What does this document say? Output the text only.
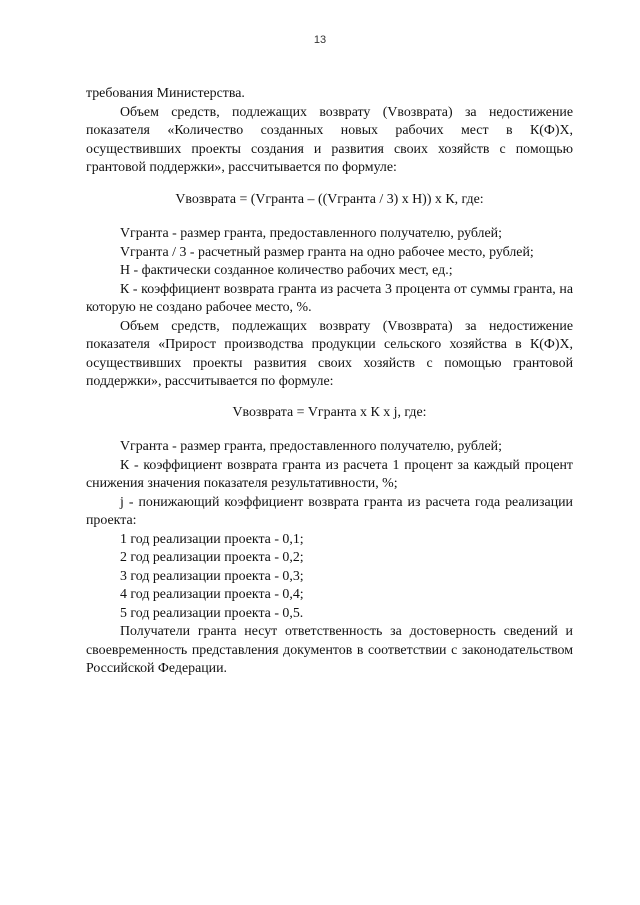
13

требования Министерства.

Объем средств, подлежащих возврату (Vвозврата) за недостижение показателя «Количество созданных новых рабочих мест в К(Ф)Х, осуществивших проекты создания и развития своих хозяйств с помощью грантовой поддержки», рассчитывается по формуле:

Vвозврата = (Vгранта – ((Vгранта / 3) х Н)) х К, где:

Vгранта - размер гранта, предоставленного получателю, рублей;

Vгранта / 3 - расчетный размер гранта на одно рабочее место, рублей;

Н - фактически созданное количество рабочих мест, ед.;

К - коэффициент возврата гранта из расчета 3 процента от суммы гранта, на которую не создано рабочее место, %.

Объем средств, подлежащих возврату (Vвозврата) за недостижение показателя «Прирост производства продукции сельского хозяйства в К(Ф)Х, осуществивших проекты развития своих хозяйств с помощью грантовой поддержки», рассчитывается по формуле:

Vвозврата = Vгранта х К х j, где:

Vгранта - размер гранта, предоставленного получателю, рублей;

К - коэффициент возврата гранта из расчета 1 процент за каждый процент снижения значения показателя результативности, %;

j - понижающий коэффициент возврата гранта из расчета года реализации проекта:

1 год реализации проекта - 0,1;
2 год реализации проекта - 0,2;
3 год реализации проекта - 0,3;
4 год реализации проекта - 0,4;
5 год реализации проекта - 0,5.

Получатели гранта несут ответственность за достоверность сведений и своевременность представления документов в соответствии с законодательством Российской Федерации.
